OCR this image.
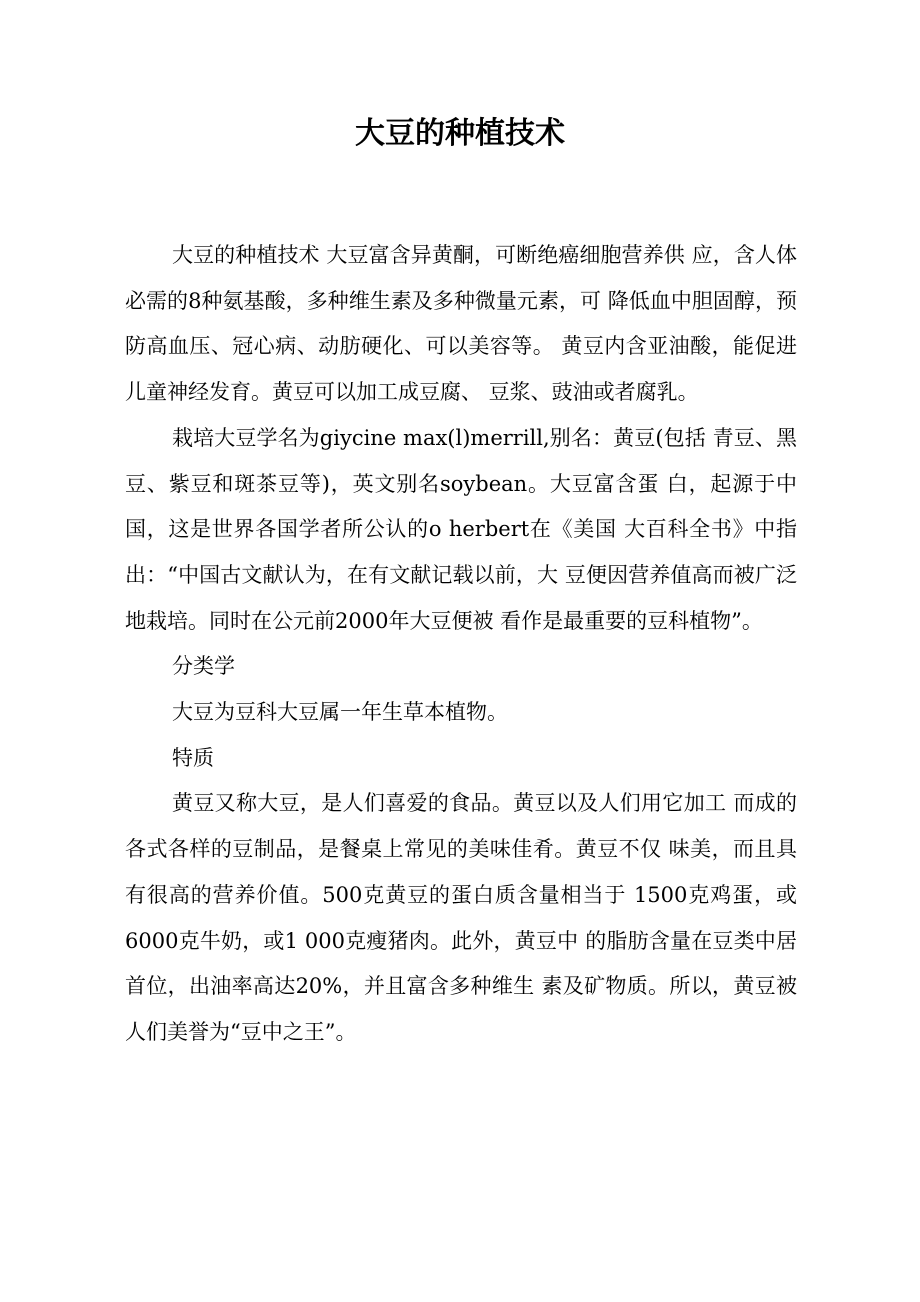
大豆的种植技术

大豆的种植技术 大豆富含异黄酮，可断绝癌细胞营养供 应，含人体必需的8种氨基酸，多种维生素及多种微量元素，可 降低血中胆固醇，预防高血压、冠心病、动肪硬化、可以美容等。 黄豆内含亚油酸，能促进儿童神经发育。黄豆可以加工成豆腐、 豆浆、豉油或者腐乳。

栽培大豆学名为giycine max(l)merrill,别名：黄豆(包括 青豆、黑豆、紫豆和斑茶豆等)，英文别名soybean。大豆富含蛋 白，起源于中国，这是世界各国学者所公认的o herbert在《美国 大百科全书》中指出：“中国古文献认为，在有文献记载以前，大 豆便因营养值高而被广泛地栽培。同时在公元前2000年大豆便被 看作是最重要的豆科植物”。

分类学

大豆为豆科大豆属一年生草本植物。

特质

黄豆又称大豆，是人们喜爱的食品。黄豆以及人们用它加工 而成的各式各样的豆制品，是餐桌上常见的美味佳肴。黄豆不仅 味美，而且具有很高的营养价值。500克黄豆的蛋白质含量相当于 1500克鸡蛋，或6000克牛奶，或1 000克瘦猪肉。此外，黄豆中 的脂肪含量在豆类中居首位，出油率高达20%，并且富含多种维生 素及矿物质。所以，黄豆被人们美誉为“豆中之王”。
